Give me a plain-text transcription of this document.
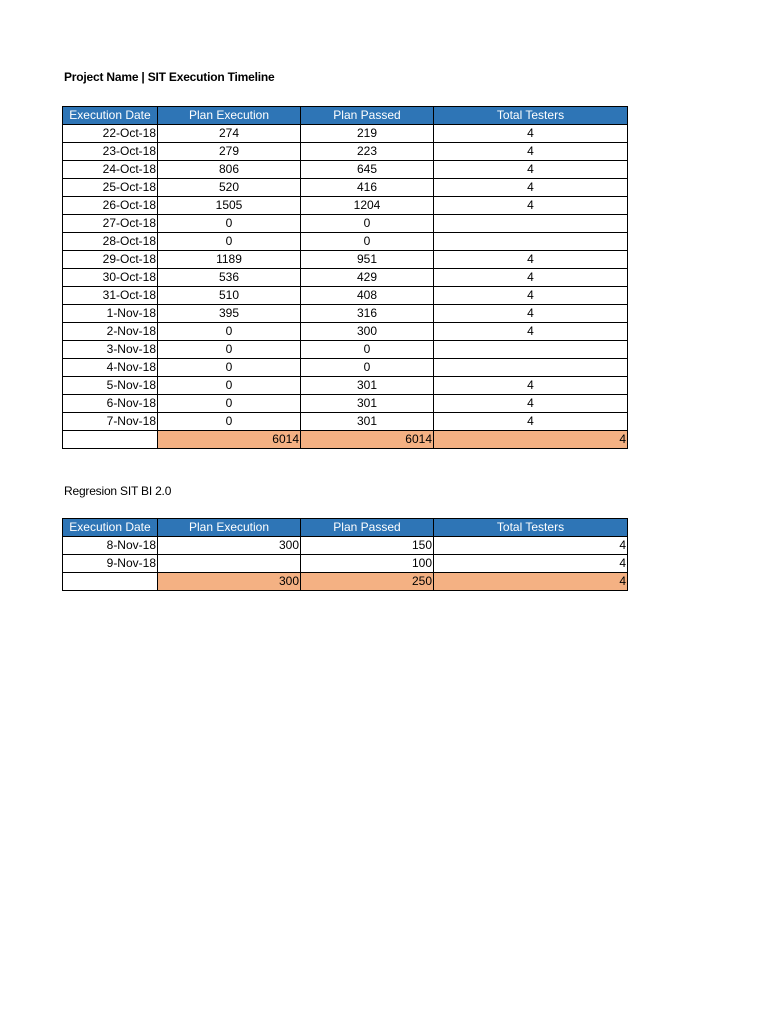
Project Name | SIT Execution Timeline
Execution Date	Plan Execution	Plan Passed	Total Testers
22-Oct-18	274	219	4
23-Oct-18	279	223	4
24-Oct-18	806	645	4
25-Oct-18	520	416	4
26-Oct-18	1505	1204	4
27-Oct-18	0	0	
28-Oct-18	0	0	
29-Oct-18	1189	951	4
30-Oct-18	536	429	4
31-Oct-18	510	408	4
1-Nov-18	395	316	4
2-Nov-18	0	300	4
3-Nov-18	0	0	
4-Nov-18	0	0	
5-Nov-18	0	301	4
6-Nov-18	0	301	4
7-Nov-18	0	301	4
	6014	6014	4
Regresion SIT BI 2.0
Execution Date	Plan Execution	Plan Passed	Total Testers
8-Nov-18	300	150	4
9-Nov-18		100	4
	300	250	4
